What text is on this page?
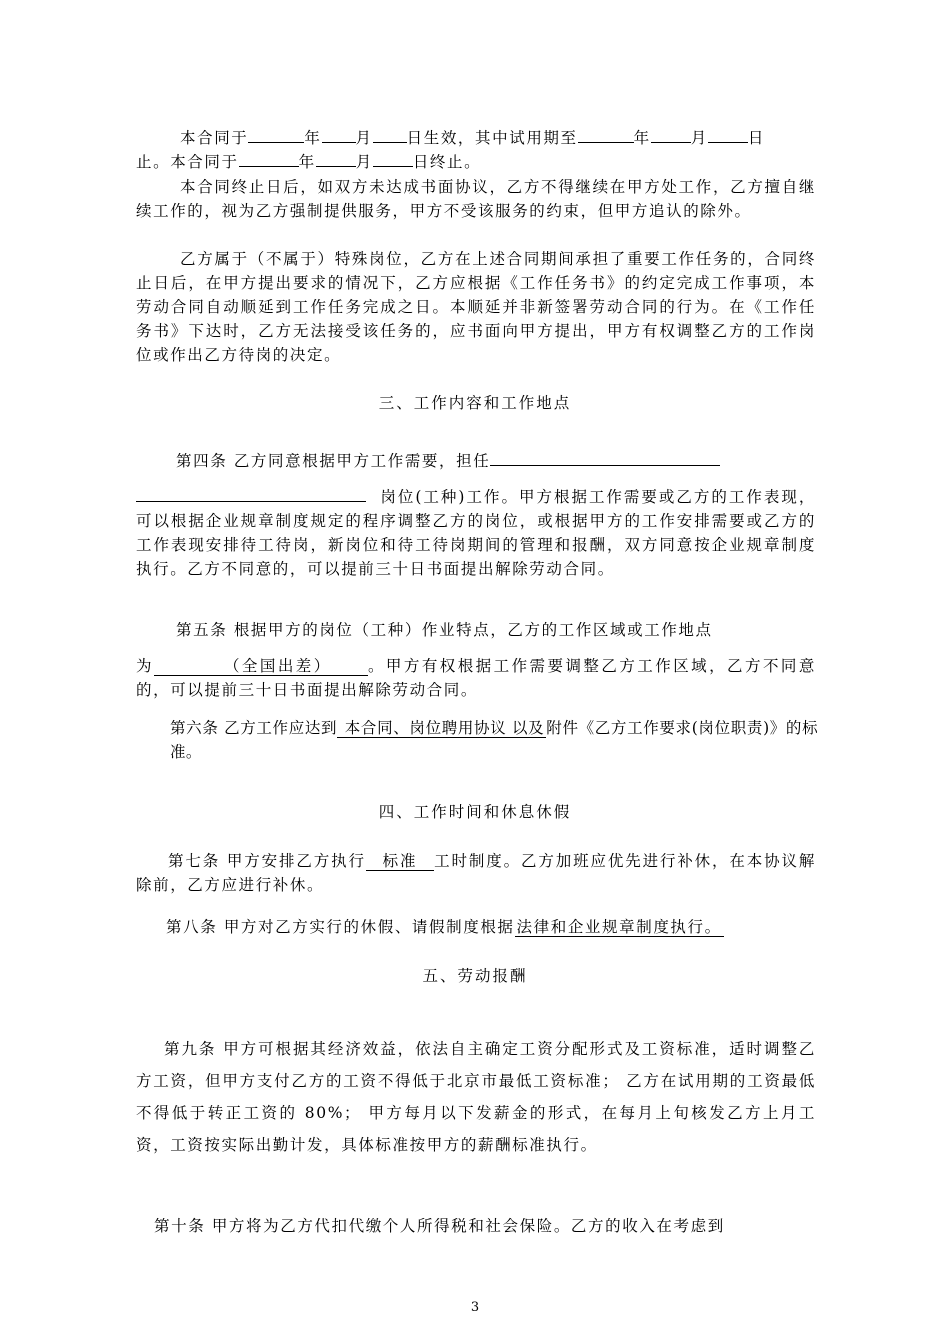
本合同于	年 月 日生效，其中试用期至	年	月	日
止。本合同于	年	月	日终止。

本合同终止日后，如双方未达成书面协议，乙方不得继续在甲方处工作，乙方擅自继续工作的，视为乙方强制提供服务，甲方不受该服务的约束，但甲方追认的除外。

乙方属于（不属于）特殊岗位，乙方在上述合同期间承担了重要工作任务的，合同终止日后，在甲方提出要求的情况下，乙方应根据《工作任务书》的约定完成工作事项，本劳动合同自动顺延到工作任务完成之日。本顺延并非新签署劳动合同的行为。在《工作任务书》下达时，乙方无法接受该任务的，应书面向甲方提出，甲方有权调整乙方的工作岗位或作出乙方待岗的决定。

三、工作内容和工作地点
第四条 乙方同意根据甲方工作需要，担任
岗位(工种)工作。甲方根据工作需要或乙方的工作表现，可以根据企业规章制度规定的程序调整乙方的岗位，或根据甲方的工作安排需要或乙方的工作表现安排待工待岗，新岗位和待工待岗期间的管理和报酬，双方同意按企业规章制度执行。乙方不同意的，可以提前三十日书面提出解除劳动合同。
第五条 根据甲方的岗位（工种）作业特点，乙方的工作区域或工作地点
为	（全国出差）	。甲方有权根据工作需要调整乙方工作区域，乙方不同意的，可以提前三十日书面提出解除劳动合同。
第六条 乙方工作应达到 本合同、岗位聘用协议 以及 附件《乙方工作要求(岗位职责)》的标准。
四、工作时间和休息休假
第七条 甲方安排乙方执行 标准 工时制度。乙方加班应优先进行补休，在本协议解除前，乙方应进行补休。
第八条 甲方对乙方实行的休假、请假制度根据 法律和企业规章制度执行。
五、劳动报酬

第九条 甲方可根据其经济效益，依法自主确定工资分配形式及工资标准，适时调整乙方工资，但甲方支付乙方的工资不得低于北京市最低工资标准； 乙方在试用期的工资最低不得低于转正工资的 80%； 甲方每月以下发薪金的形式，在每月上旬核发乙方上月工资，工资按实际出勤计发，具体标准按甲方的薪酬标准执行。

第十条 甲方将为乙方代扣代缴个人所得税和社会保险。乙方的收入在考虑到

3
